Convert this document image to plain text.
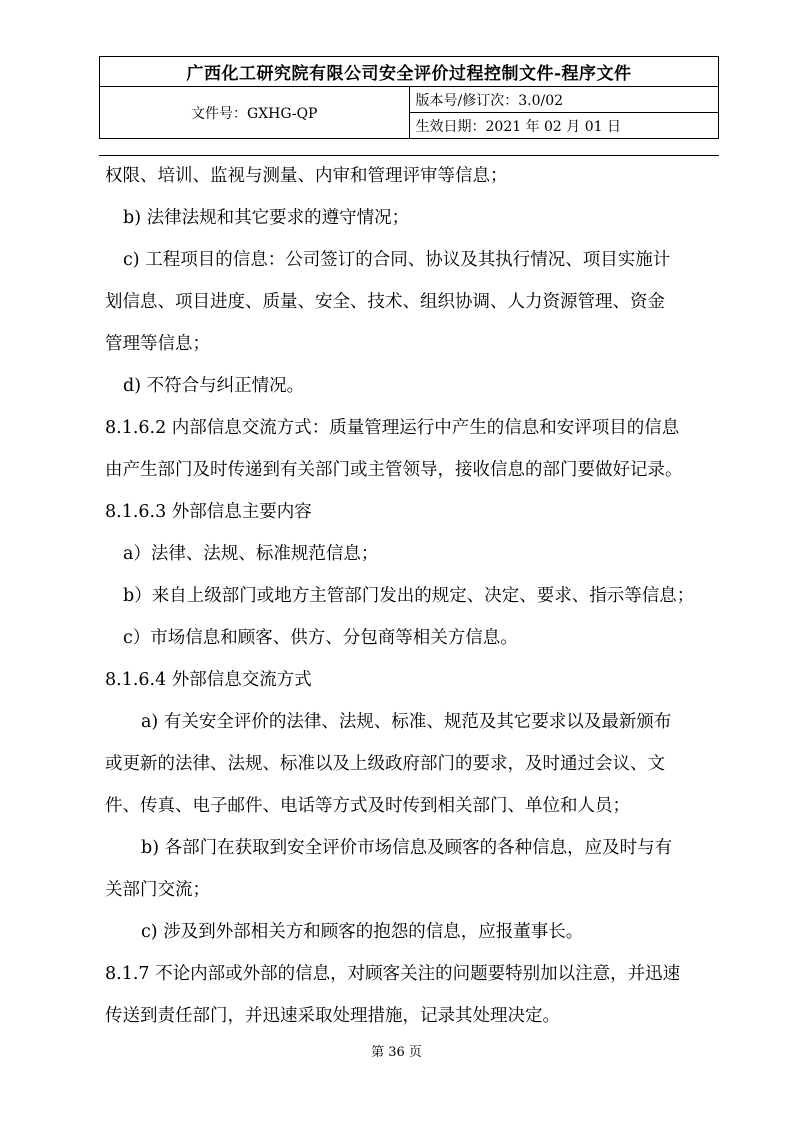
广西化工研究院有限公司安全评价过程控制文件-程序文件
文件号：GXHG-QP	版本号/修订次：3.0/02
生效日期：2021 年 02 月 01 日

权限、培训、监视与测量、内审和管理评审等信息；

b) 法律法规和其它要求的遵守情况；

c) 工程项目的信息：公司签订的合同、协议及其执行情况、项目实施计

划信息、项目进度、质量、安全、技术、组织协调、人力资源管理、资金

管理等信息；

d) 不符合与纠正情况。

8.1.6.2 内部信息交流方式：质量管理运行中产生的信息和安评项目的信息

由产生部门及时传递到有关部门或主管领导，接收信息的部门要做好记录。

8.1.6.3 外部信息主要内容

a）法律、法规、标准规范信息；

b）来自上级部门或地方主管部门发出的规定、决定、要求、指示等信息；

c）市场信息和顾客、供方、分包商等相关方信息。

8.1.6.4 外部信息交流方式

a) 有关安全评价的法律、法规、标准、规范及其它要求以及最新颁布

或更新的法律、法规、标准以及上级政府部门的要求，及时通过会议、文

件、传真、电子邮件、电话等方式及时传到相关部门、单位和人员；

b) 各部门在获取到安全评价市场信息及顾客的各种信息，应及时与有

关部门交流；

c) 涉及到外部相关方和顾客的抱怨的信息，应报董事长。

8.1.7 不论内部或外部的信息，对顾客关注的问题要特别加以注意，并迅速

传送到责任部门，并迅速采取处理措施，记录其处理决定。

第 36 页
